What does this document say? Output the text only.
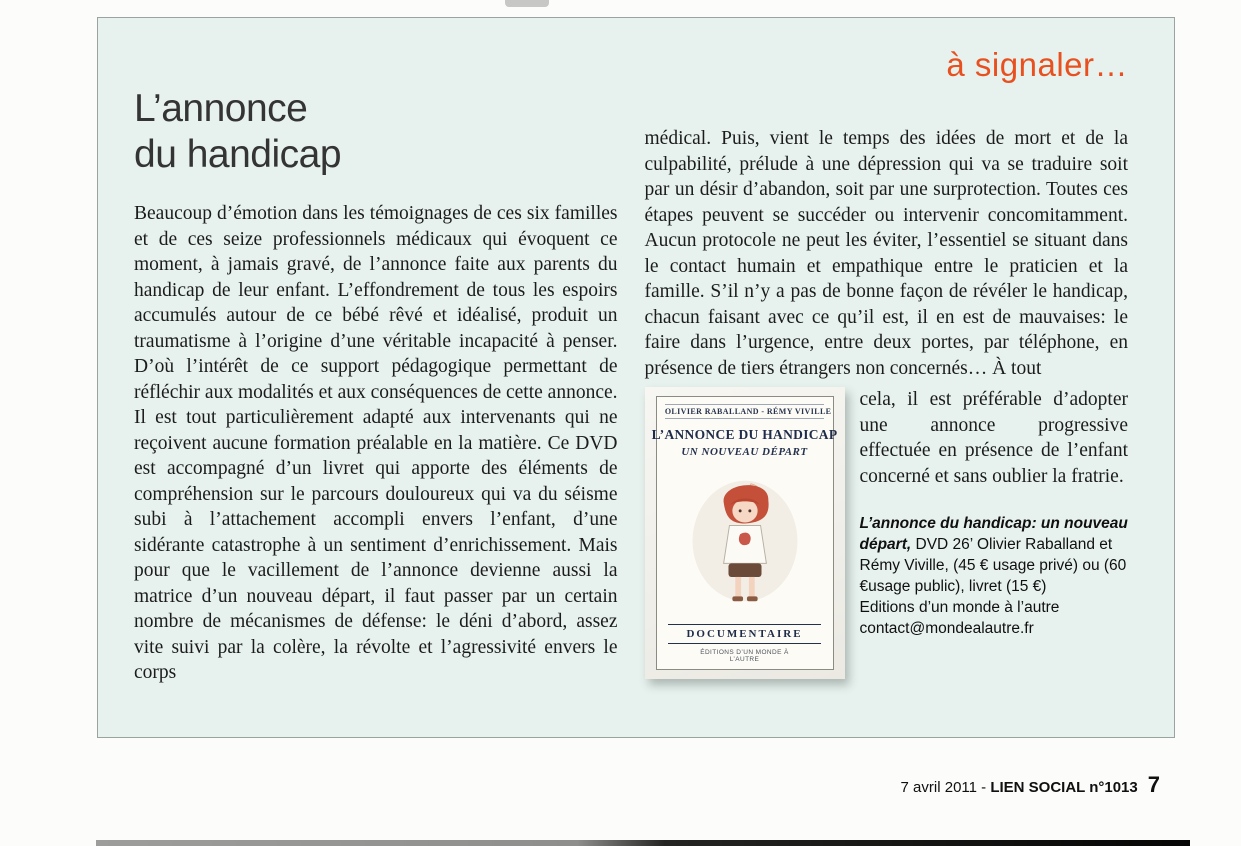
à signaler…
L’annonce
du handicap

Beaucoup d’émotion dans les témoignages de ces six familles et de ces seize professionnels médicaux qui évoquent ce moment, à jamais gravé, de l’annonce faite aux parents du handicap de leur enfant. L’effondrement de tous les espoirs accumulés autour de ce bébé rêvé et idéalisé, produit un traumatisme à l’origine d’une véritable incapacité à penser. D’où l’intérêt de ce support pédagogique permettant de réfléchir aux modalités et aux conséquences de cette annonce. Il est tout particulièrement adapté aux intervenants qui ne reçoivent aucune formation préalable en la matière. Ce DVD est accompagné d’un livret qui apporte des éléments de compréhension sur le parcours douloureux qui va du séisme subi à l’attachement accompli envers l’enfant, d’une sidérante catastrophe à un sentiment d’enrichissement. Mais pour que le vacillement de l’annonce devienne aussi la matrice d’un nouveau départ, il faut passer par un certain nombre de mécanismes de défense: le déni d’abord, assez vite suivi par la colère, la révolte et l’agressivité envers le corps

médical. Puis, vient le temps des idées de mort et de la culpabilité, prélude à une dépression qui va se traduire soit par un désir d’abandon, soit par une surprotection. Toutes ces étapes peuvent se succéder ou intervenir concomitamment. Aucun protocole ne peut les éviter, l’essentiel se situant dans le contact humain et empathique entre le praticien et la famille. S’il n’y a pas de bonne façon de révéler le handicap, chacun faisant avec ce qu’il est, il en est de mauvaises: le faire dans l’urgence, entre deux portes, par téléphone, en présence de tiers étrangers non concernés… À tout

OLIVIER RABALLAND - RÉMY VIVILLE
L’ANNONCE DU HANDICAP
UN NOUVEAU DÉPART
DOCUMENTAIRE
ÉDITIONS D’UN MONDE À L’AUTRE

cela, il est préférable d’adopter une annonce progressive effectuée en présence de l’enfant concerné et sans oublier la fratrie.

L’annonce du handicap: un nouveau départ, DVD 26’ Olivier Raballand et Rémy Viville, (45 € usage privé) ou (60 €usage public), livret (15 €)
Editions d’un monde à l’autre
contact@mondealautre.fr

7 avril 2011 - LIEN SOCIAL n°1013 7
